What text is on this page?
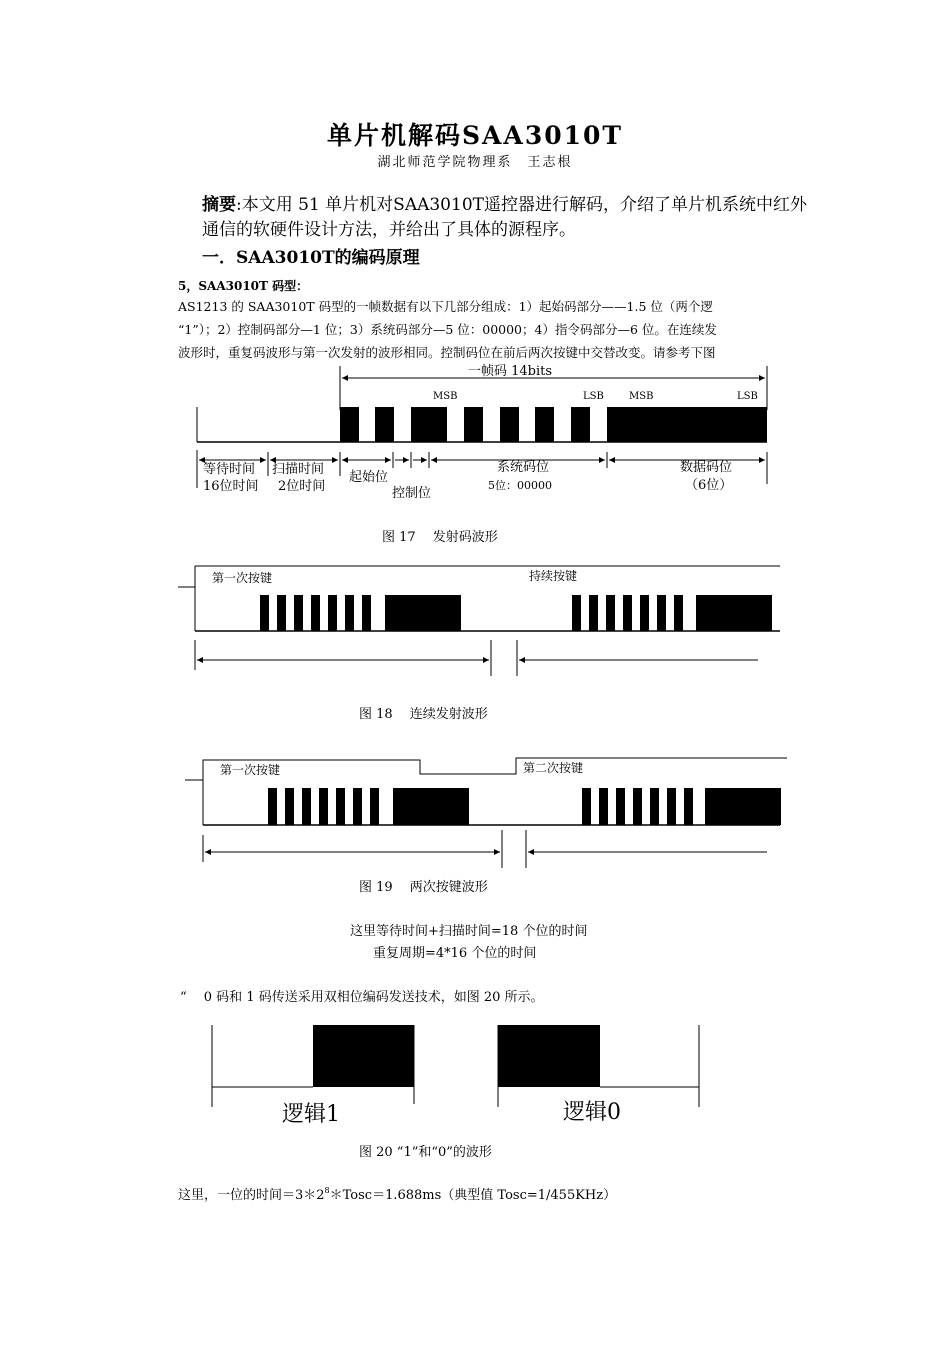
单片机解码SAA3010T
湖北师范学院物理系　王志根
摘要:本文用 51 单片机对SAA3010T遥控器进行解码，介绍了单片机系统中红外通信的软硬件设计方法，并给出了具体的源程序。
一．SAA3010T的编码原理
5，SAA3010T 码型：
AS1213 的 SAA3010T 码型的一帧数据有以下几部分组成：1）起始码部分——1.5 位（两个逻
“1”）；2）控制码部分—1 位；3）系统码部分—5 位：00000；4）指令码部分—6 位。在连续发
波形时，重复码波形与第一次发射的波形相同。控制码位在前后两次按键中交替改变。请参考下图
一帧码 14bits
MSB	LSB	MSB	LSB
等待时间
16位时间
扫描时间
2位时间
起始位
控制位
系统码位
5位：00000
数据码位
（6位）
图 17　 发射码波形
第一次按键	持续按键
图 18　 连续发射波形
第一次按键	第二次按键
图 19　 两次按键波形
这里等待时间+扫描时间=18 个位的时间
重复周期=4*16 个位的时间
“　 0 码和 1 码传送采用双相位编码发送技术，如图 20 所示。
逻辑1	逻辑0
图 20 “1”和“0”的波形
这里，一位的时间$=3*2^8*Tosc=1.688ms$（典型值 Tosc=1/455KHz）
